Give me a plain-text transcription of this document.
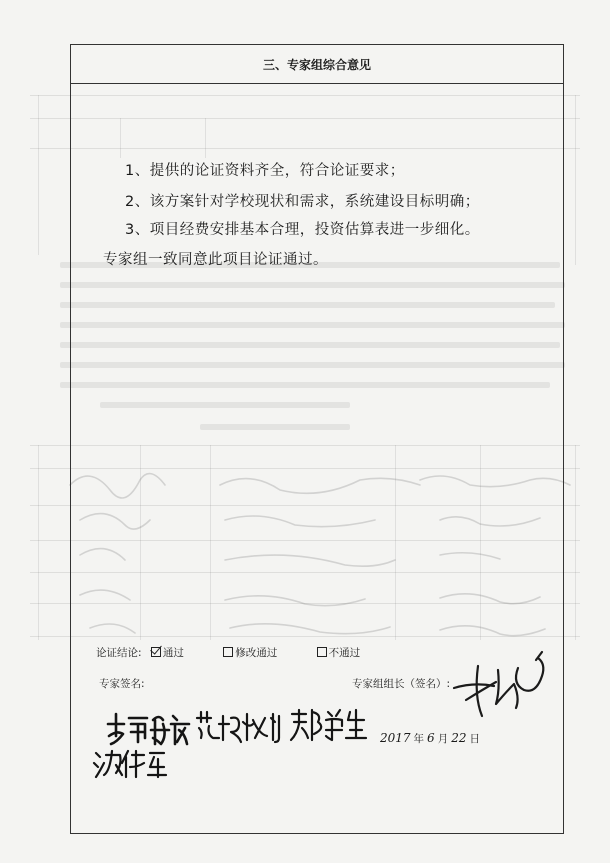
三、专家组综合意见
1、提供的论证资料齐全，符合论证要求；
2、该方案针对学校现状和需求，系统建设目标明确；
3、项目经费安排基本合理，投资估算表进一步细化。
专家组一致同意此项目论证通过。
论证结论: 通过	修改通过	不通过
专家签名:	专家组组长（签名）:
2017 年 6 月 22 日
